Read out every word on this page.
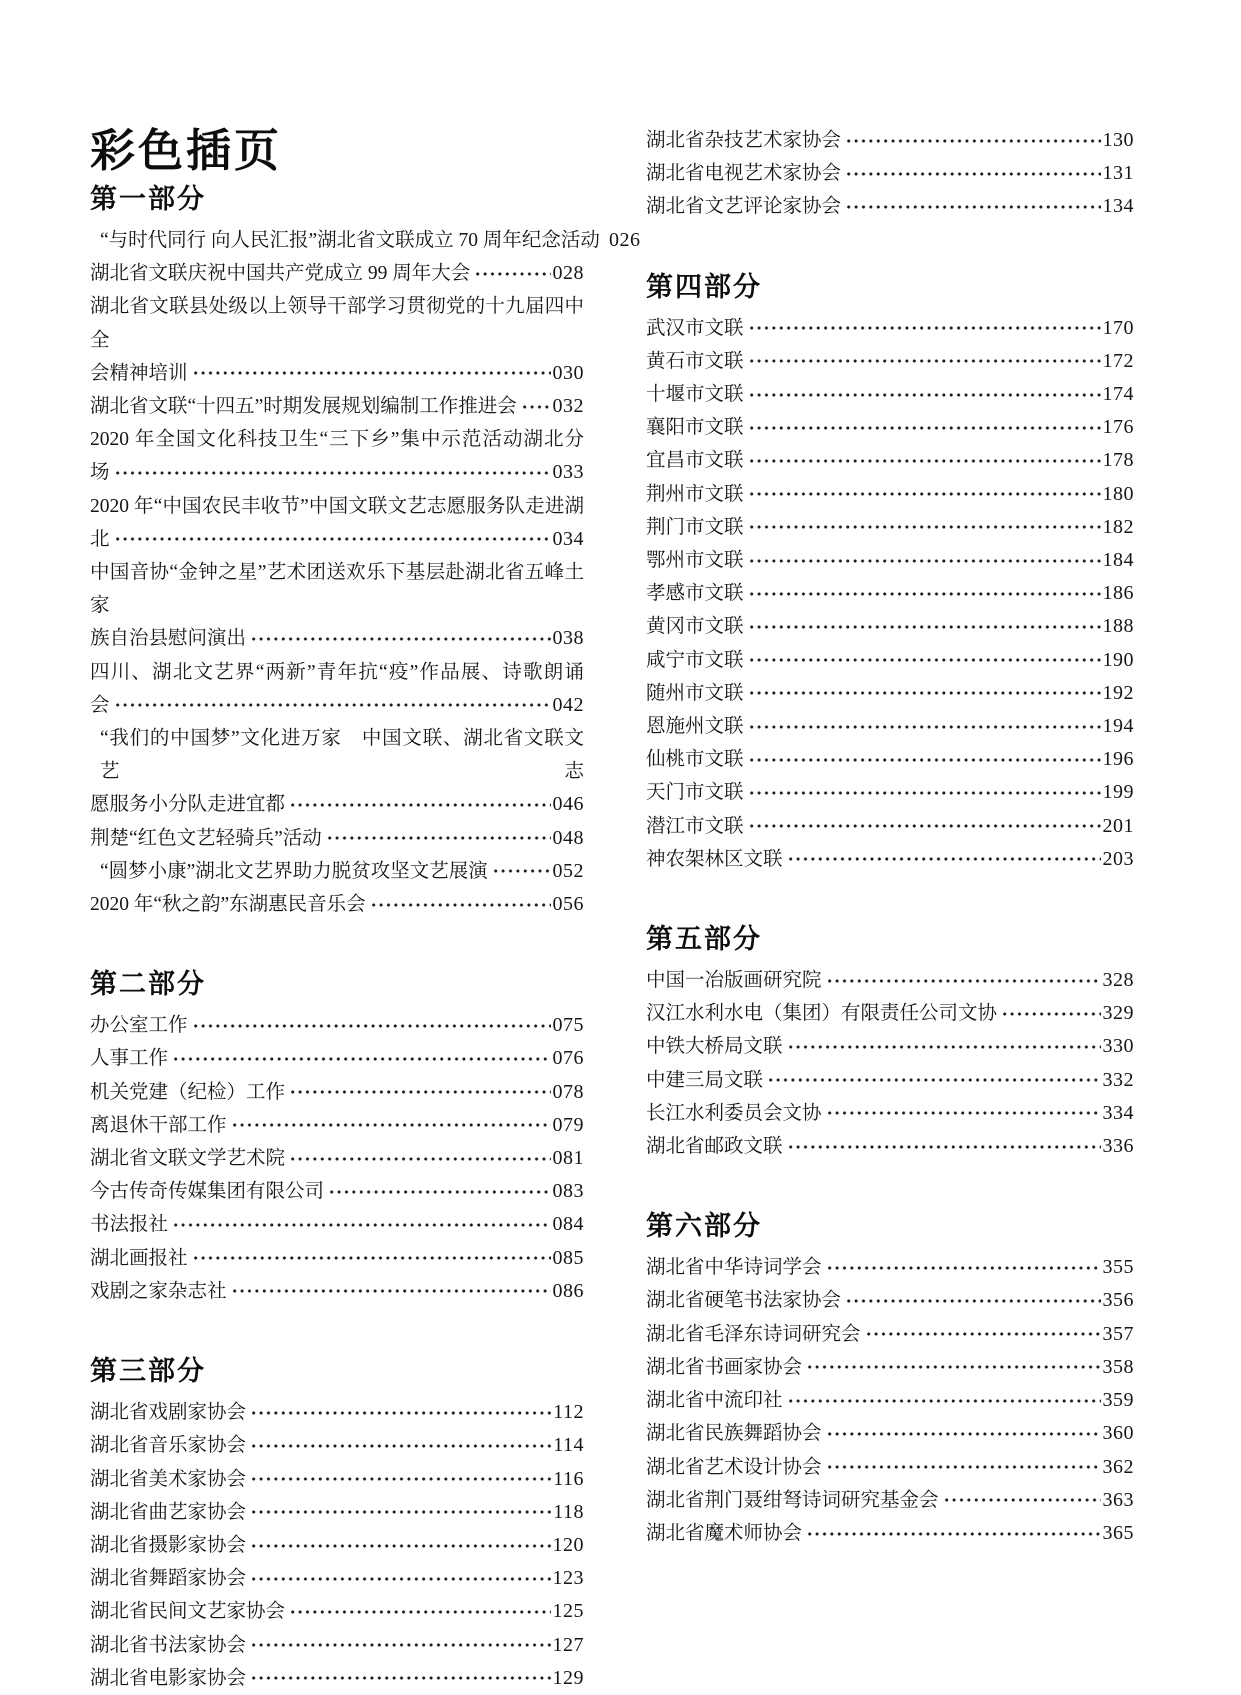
彩色插页
第一部分
“与时代同行 向人民汇报”湖北省文联成立 70 周年纪念活动 026
湖北省文联庆祝中国共产党成立 99 周年大会	028
湖北省文联县处级以上领导干部学习贯彻党的十九届四中全
会精神培训	030
湖北省文联“十四五”时期发展规划编制工作推进会 032
2020 年全国文化科技卫生“三下乡”集中示范活动湖北分
场	033
2020 年“中国农民丰收节”中国文联文艺志愿服务队走进湖
北	034
中国音协“金钟之星”艺术团送欢乐下基层赴湖北省五峰土家
族自治县慰问演出	038
四川、湖北文艺界“两新”青年抗“疫”作品展、诗歌朗诵
会	042
“我们的中国梦”文化进万家　中国文联、湖北省文联文艺志
愿服务小分队走进宜都	046
荆楚“红色文艺轻骑兵”活动	048
“圆梦小康”湖北文艺界助力脱贫攻坚文艺展演	052
2020 年“秋之韵”东湖惠民音乐会	056
第二部分
办公室工作	075
人事工作	076
机关党建（纪检）工作	078
离退休干部工作	079
湖北省文联文学艺术院	081
今古传奇传媒集团有限公司	083
书法报社	084
湖北画报社	085
戏剧之家杂志社	086
第三部分
湖北省戏剧家协会	112
湖北省音乐家协会	114
湖北省美术家协会	116
湖北省曲艺家协会	118
湖北省摄影家协会	120
湖北省舞蹈家协会	123
湖北省民间文艺家协会	125
湖北省书法家协会	127
湖北省电影家协会	129
湖北省杂技艺术家协会	130
湖北省电视艺术家协会	131
湖北省文艺评论家协会	134
第四部分
武汉市文联	170
黄石市文联	172
十堰市文联	174
襄阳市文联	176
宜昌市文联	178
荆州市文联	180
荆门市文联	182
鄂州市文联	184
孝感市文联	186
黄冈市文联	188
咸宁市文联	190
随州市文联	192
恩施州文联	194
仙桃市文联	196
天门市文联	199
潜江市文联	201
神农架林区文联	203
第五部分
中国一冶版画研究院	328
汉江水利水电（集团）有限责任公司文协	329
中铁大桥局文联	330
中建三局文联	332
长江水利委员会文协	334
湖北省邮政文联	336
第六部分
湖北省中华诗词学会	355
湖北省硬笔书法家协会	356
湖北省毛泽东诗词研究会	357
湖北省书画家协会	358
湖北省中流印社	359
湖北省民族舞蹈协会	360
湖北省艺术设计协会	362
湖北省荆门聂绀弩诗词研究基金会	363
湖北省魔术师协会	365
